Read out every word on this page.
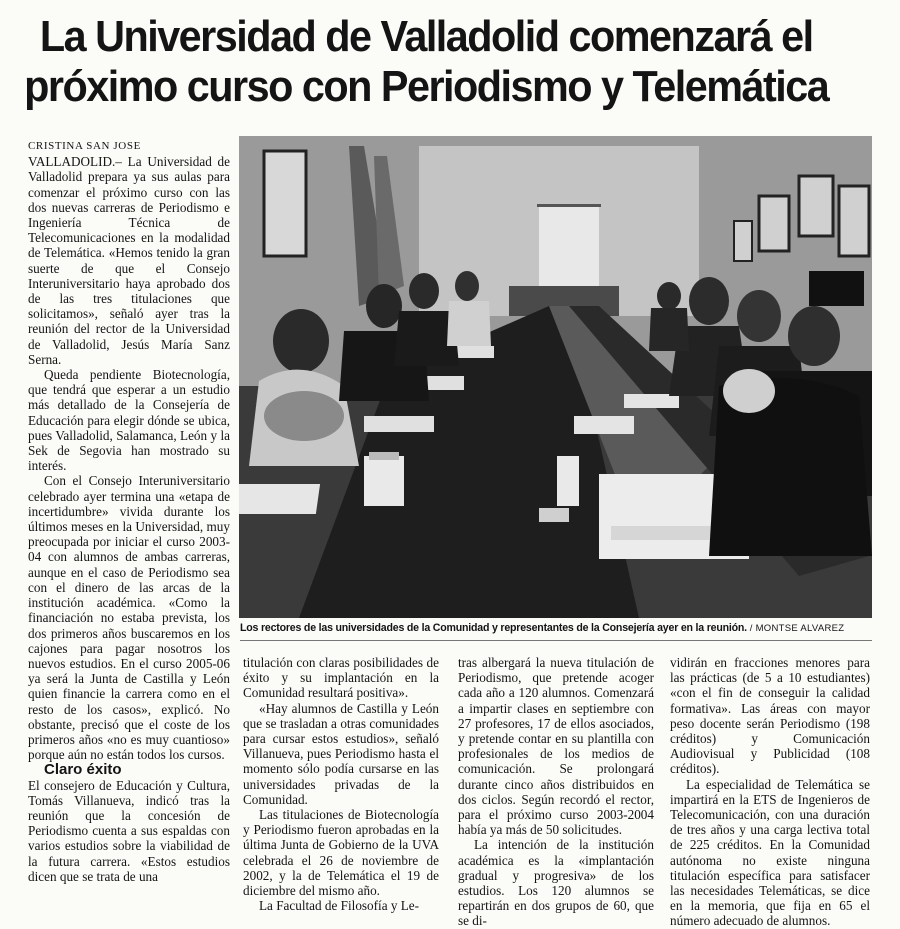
La Universidad de Valladolid comenzará el próximo curso con Periodismo y Telemática

CRISTINA SAN JOSE

VALLADOLID.– La Universidad de Valladolid prepara ya sus aulas para comenzar el próximo curso con las dos nuevas carreras de Periodismo e Ingeniería Técnica de Telecomunicaciones en la modalidad de Telemática. «Hemos tenido la gran suerte de que el Consejo Interuniversitario haya aprobado dos de las tres titulaciones que solicitamos», señaló ayer tras la reunión del rector de la Universidad de Valladolid, Jesús María Sanz Serna.

Queda pendiente Biotecnología, que tendrá que esperar a un estudio más detallado de la Consejería de Educación para elegir dónde se ubica, pues Valladolid, Salamanca, León y la Sek de Segovia han mostrado su interés.

Con el Consejo Interuniversitario celebrado ayer termina una «etapa de incertidumbre» vivida durante los últimos meses en la Universidad, muy preocupada por iniciar el curso 2003-04 con alumnos de ambas carreras, aunque en el caso de Periodismo sea con el dinero de las arcas de la institución académica. «Como la financiación no estaba prevista, los dos primeros años buscaremos en los cajones para pagar nosotros los nuevos estudios. En el curso 2005-06 ya será la Junta de Castilla y León quien financie la carrera como en el resto de los casos», explicó. No obstante, precisó que el coste de los primeros años «no es muy cuantioso» porque aún no están todos los cursos.

Claro éxito

El consejero de Educación y Cultura, Tomás Villanueva, indicó tras la reunión que la concesión de Periodismo cuenta a sus espaldas con varios estudios sobre la viabilidad de la futura carrera. «Estos estudios dicen que se trata de una

Los rectores de las universidades de la Comunidad y representantes de la Consejería ayer en la reunión. / MONTSE ALVAREZ

titulación con claras posibilidades de éxito y su implantación en la Comunidad resultará positiva».

«Hay alumnos de Castilla y León que se trasladan a otras comunidades para cursar estos estudios», señaló Villanueva, pues Periodismo hasta el momento sólo podía cursarse en las universidades privadas de la Comunidad.

Las titulaciones de Biotecnología y Periodismo fueron aprobadas en la última Junta de Gobierno de la UVA celebrada el 26 de noviembre de 2002, y la de Telemática el 19 de diciembre del mismo año.

La Facultad de Filosofía y Le-

tras albergará la nueva titulación de Periodismo, que pretende acoger cada año a 120 alumnos. Comenzará a impartir clases en septiembre con 27 profesores, 17 de ellos asociados, y pretende contar en su plantilla con profesionales de los medios de comunicación. Se prolongará durante cinco años distribuidos en dos ciclos. Según recordó el rector, para el próximo curso 2003-2004 había ya más de 50 solicitudes.

La intención de la institución académica es la «implantación gradual y progresiva» de los estudios. Los 120 alumnos se repartirán en dos grupos de 60, que se di-

vidirán en fracciones menores para las prácticas (de 5 a 10 estudiantes) «con el fin de conseguir la calidad formativa». Las áreas con mayor peso docente serán Periodismo (198 créditos) y Comunicación Audiovisual y Publicidad (108 créditos).

La especialidad de Telemática se impartirá en la ETS de Ingenieros de Telecomunicación, con una duración de tres años y una carga lectiva total de 225 créditos. En la Comunidad autónoma no existe ninguna titulación específica para satisfacer las necesidades Telemáticas, se dice en la memoria, que fija en 65 el número adecuado de alumnos.
